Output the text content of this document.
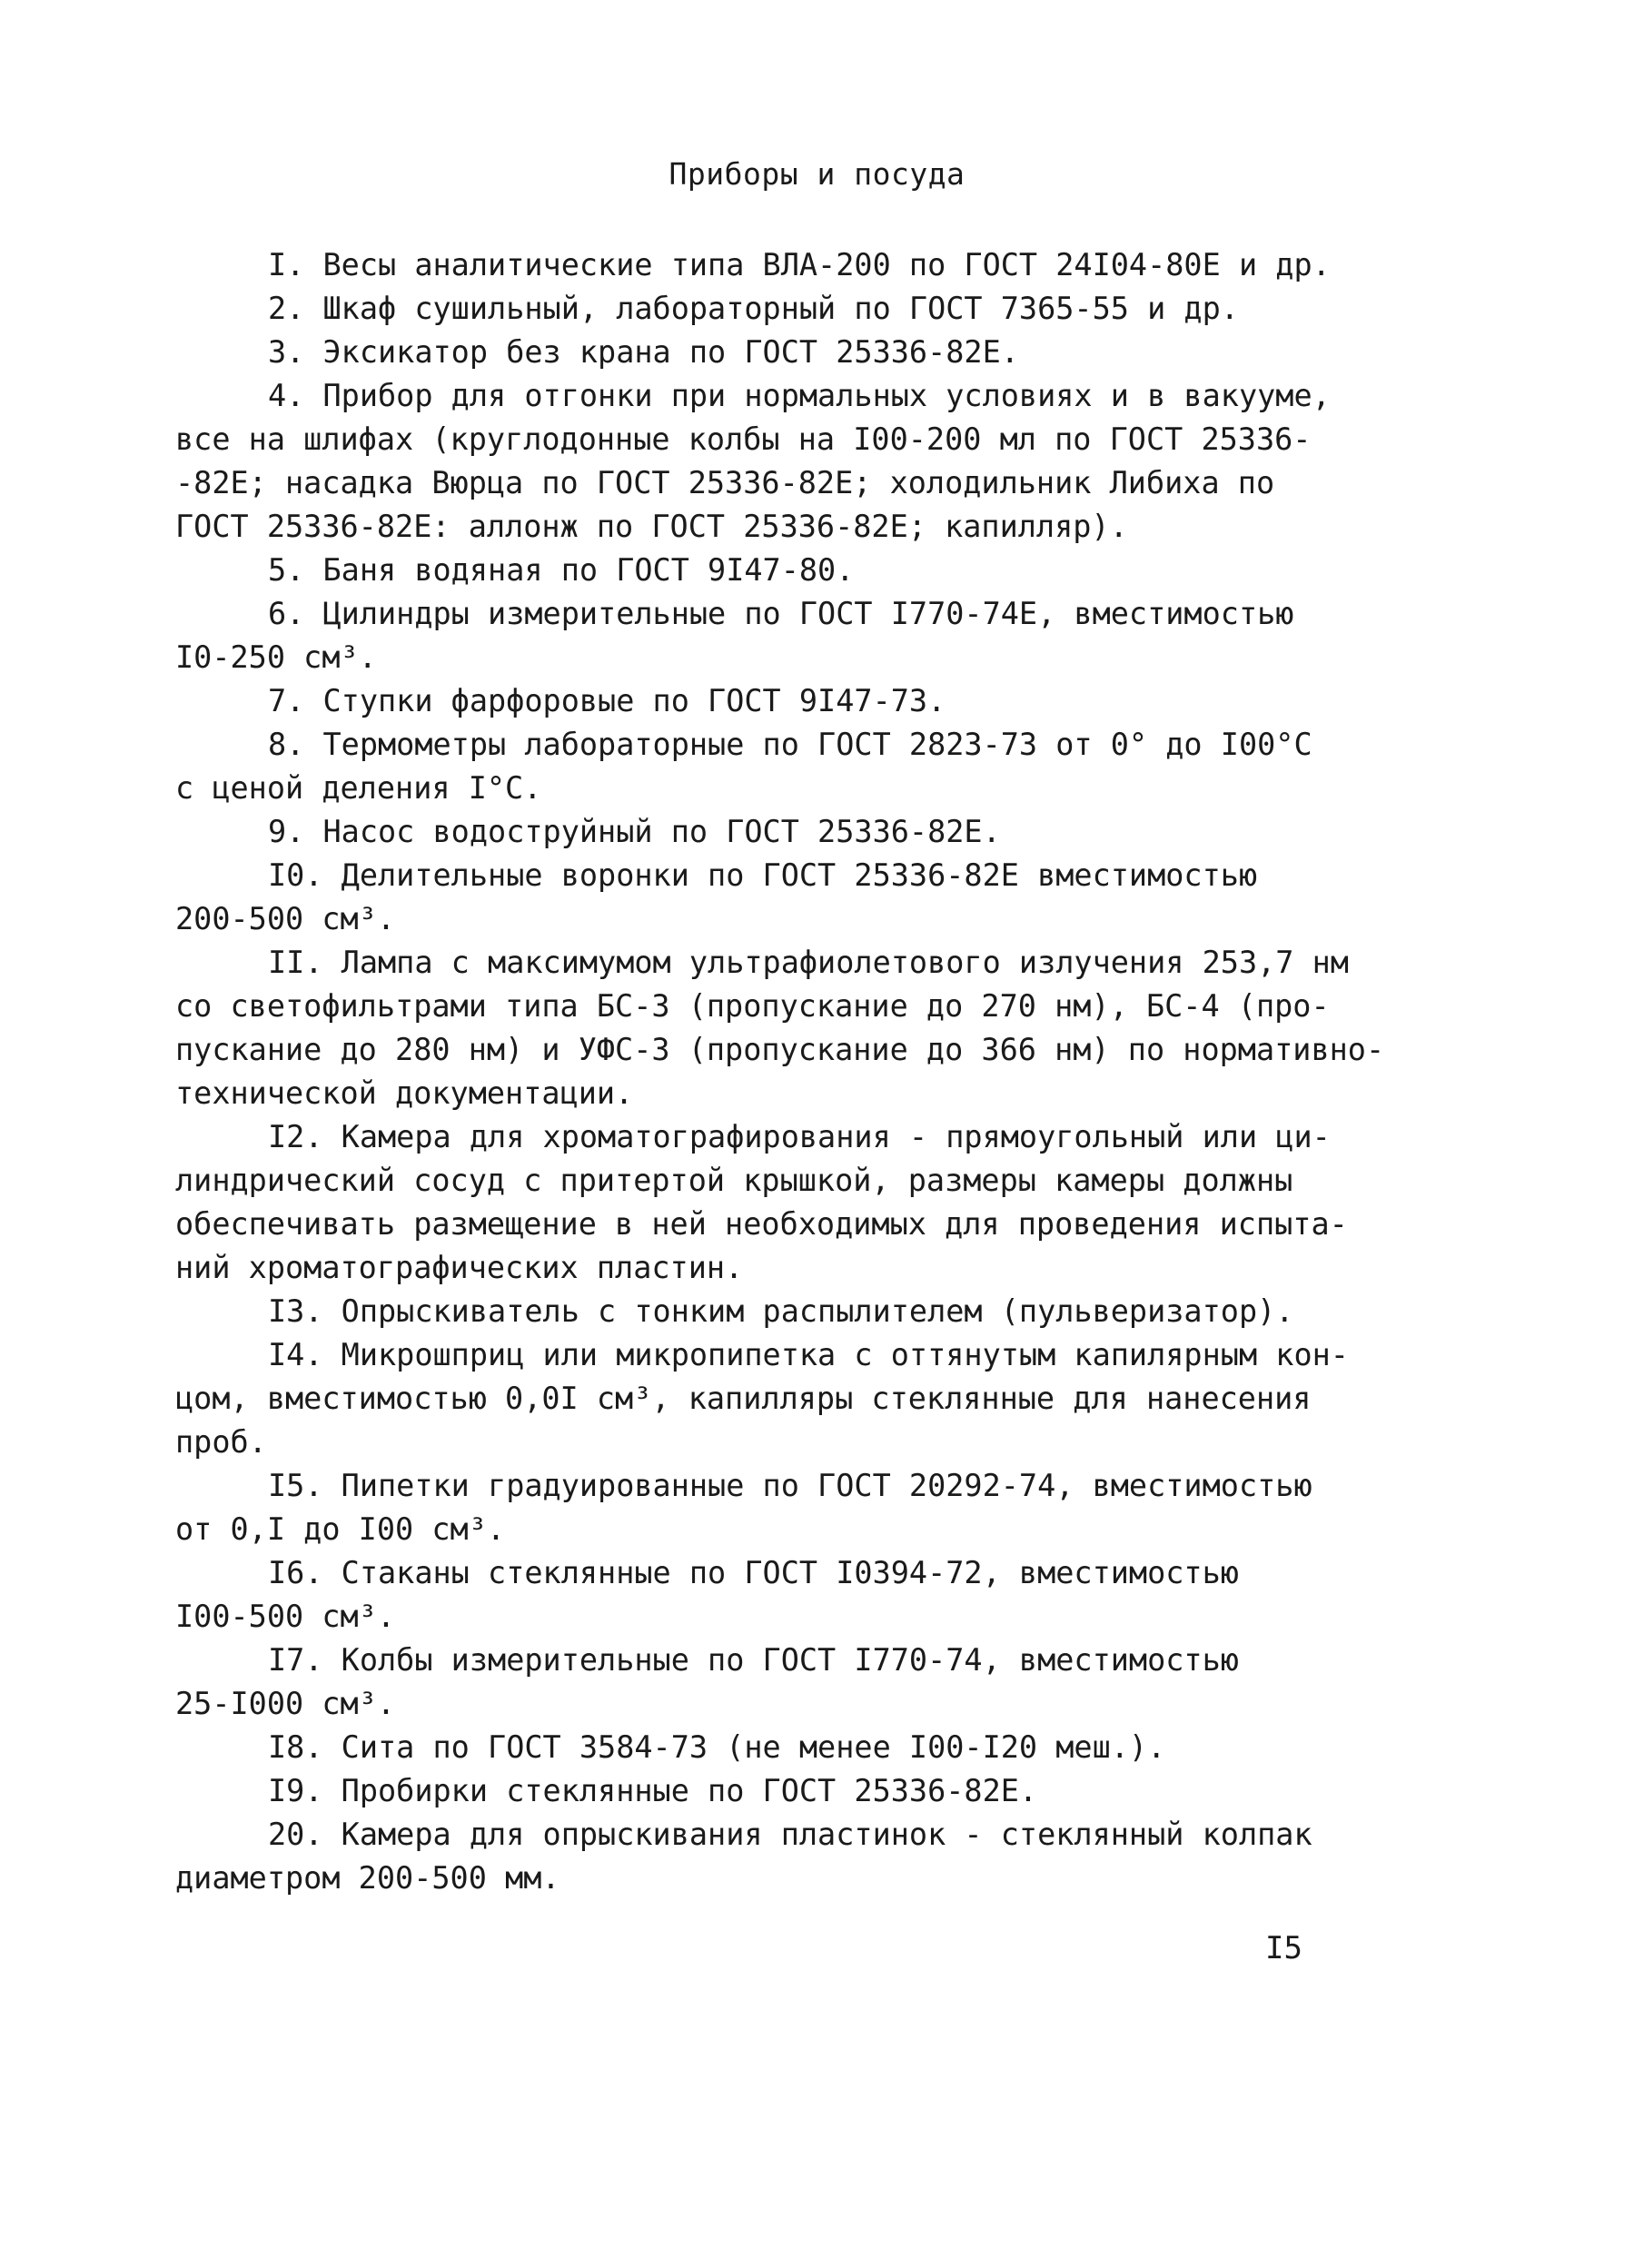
Приборы и посуда
I. Весы аналитические типа ВЛА-200 по ГОСТ 24I04-80Е и др.
2. Шкаф сушильный, лабораторный по ГОСТ 7365-55 и др.
3. Эксикатор без крана по ГОСТ 25336-82Е.
4. Прибор для отгонки при нормальных условиях и в вакууме,
все на шлифах (круглодонные колбы на I00-200 мл по ГОСТ 25336-
-82Е; насадка Вюрца по ГОСТ 25336-82Е; холодильник Либиха по
ГОСТ 25336-82Е: аллонж по ГОСТ 25336-82Е; капилляр).
5. Баня водяная по ГОСТ 9I47-80.
6. Цилиндры измерительные по ГОСТ I770-74Е, вместимостью
I0-250 см³.
7. Ступки фарфоровые по ГОСТ 9I47-73.
8. Термометры лабораторные по ГОСТ 2823-73 от 0° до I00°С
с ценой деления I°С.
9. Насос водоструйный по ГОСТ 25336-82Е.
I0. Делительные воронки по ГОСТ 25336-82Е вместимостью
200-500 см³.
II. Лампа с максимумом ультрафиолетового излучения 253,7 нм
со светофильтрами типа БС-3 (пропускание до 270 нм), БС-4 (про-
пускание до 280 нм) и УФС-3 (пропускание до 366 нм) по нормативно-
технической документации.
I2. Камера для хроматографирования - прямоугольный или ци-
линдрический сосуд с притертой крышкой, размеры камеры должны
обеспечивать размещение в ней необходимых для проведения испыта-
ний хроматографических пластин.
I3. Опрыскиватель с тонким распылителем (пульверизатор).
I4. Микрошприц или микропипетка с оттянутым капилярным кон-
цом, вместимостью 0,0I см³, капилляры стеклянные для нанесения
проб.
I5. Пипетки градуированные по ГОСТ 20292-74, вместимостью
от 0,I до I00 см³.
I6. Стаканы стеклянные по ГОСТ I0394-72, вместимостью
I00-500 см³.
I7. Колбы измерительные по ГОСТ I770-74, вместимостью
25-I000 см³.
I8. Сита по ГОСТ 3584-73 (не менее I00-I20 меш.).
I9. Пробирки стеклянные по ГОСТ 25336-82Е.
20. Камера для опрыскивания пластинок - стеклянный колпак
диаметром 200-500 мм.
I5
